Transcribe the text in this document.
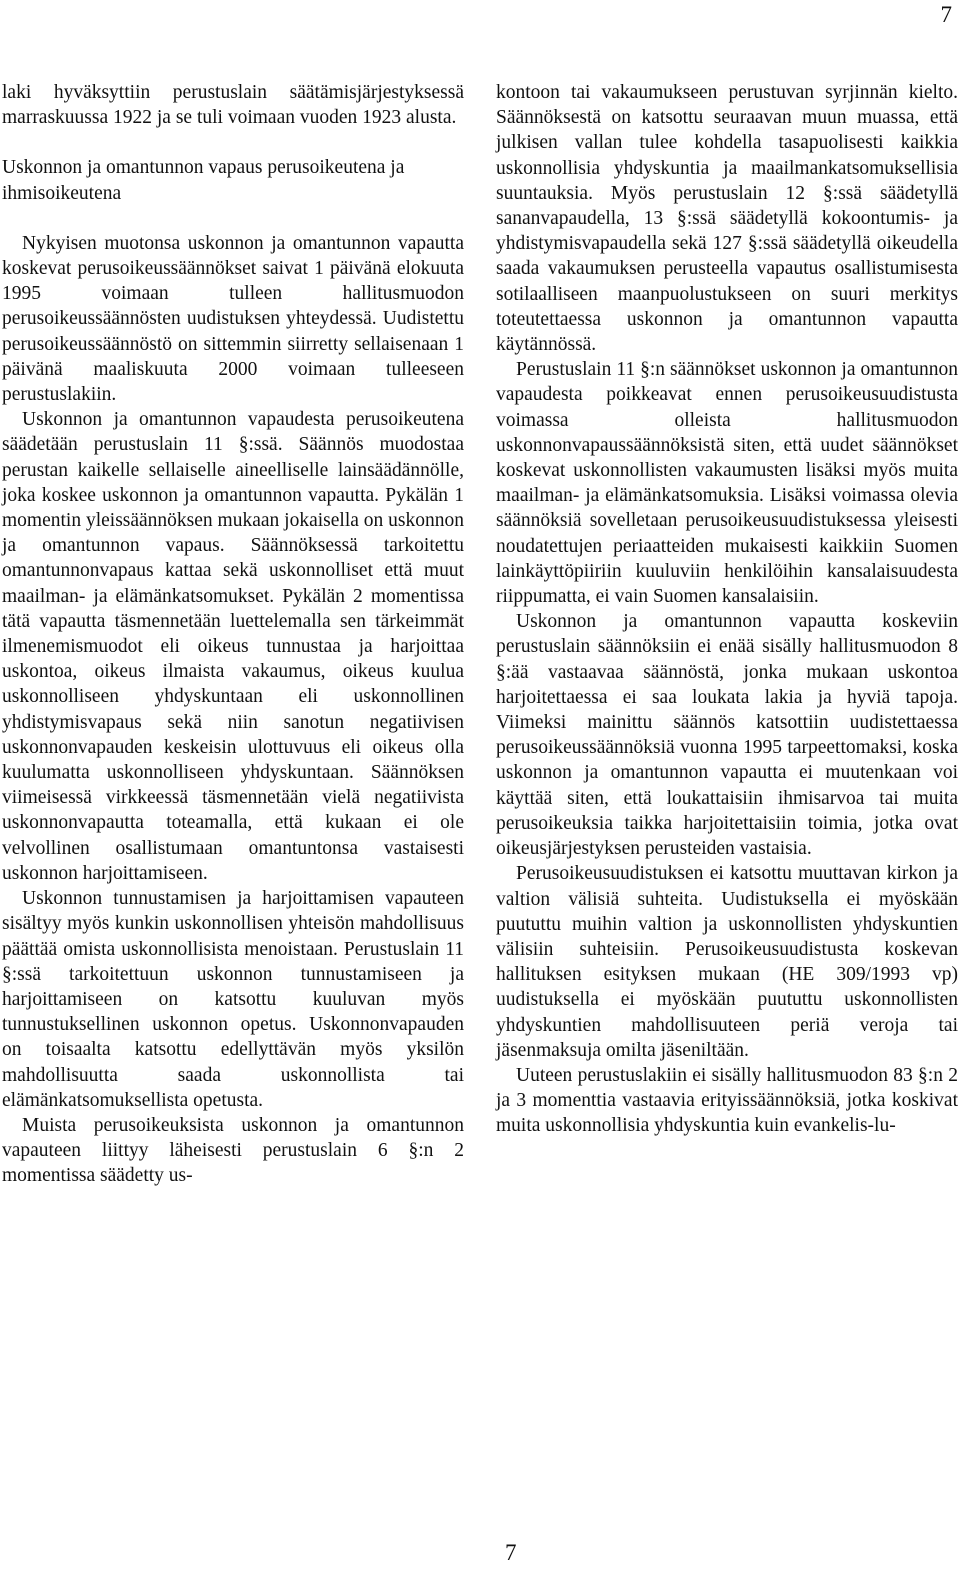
7

laki hyväksyttiin perustuslain säätämisjärjestyksessä marraskuussa 1922 ja se tuli voimaan vuoden 1923 alusta.

Uskonnon ja omantunnon vapaus perusoikeutena ja ihmisoikeutena

Nykyisen muotonsa uskonnon ja omantunnon vapautta koskevat perusoikeussäännökset saivat 1 päivänä elokuuta 1995 voimaan tulleen hallitusmuodon perusoikeussäännösten uudistuksen yhteydessä. Uudistettu perusoikeussäännöstö on sittemmin siirretty sellaisenaan 1 päivänä maaliskuuta 2000 voimaan tulleeseen perustuslakiin.

Uskonnon ja omantunnon vapaudesta perusoikeutena säädetään perustuslain 11 §:ssä. Säännös muodostaa perustan kaikelle sellaiselle aineelliselle lainsäädännölle, joka koskee uskonnon ja omantunnon vapautta. Pykälän 1 momentin yleissäännöksen mukaan jokaisella on uskonnon ja omantunnon vapaus. Säännöksessä tarkoitettu omantunnonvapaus kattaa sekä uskonnolliset että muut maailman- ja elämänkatsomukset. Pykälän 2 momentissa tätä vapautta täsmennetään luettelemalla sen tärkeimmät ilmenemismuodot eli oikeus tunnustaa ja harjoittaa uskontoa, oikeus ilmaista vakaumus, oikeus kuulua uskonnolliseen yhdyskuntaan eli uskonnollinen yhdistymisvapaus sekä niin sanotun negatiivisen uskonnonvapauden keskeisin ulottuvuus eli oikeus olla kuulumatta uskonnolliseen yhdyskuntaan. Säännöksen viimeisessä virkkeessä täsmennetään vielä negatiivista uskonnonvapautta toteamalla, että kukaan ei ole velvollinen osallistumaan omantuntonsa vastaisesti uskonnon harjoittamiseen.

Uskonnon tunnustamisen ja harjoittamisen vapauteen sisältyy myös kunkin uskonnollisen yhteisön mahdollisuus päättää omista uskonnollisista menoistaan. Perustuslain 11 §:ssä tarkoitettuun uskonnon tunnustamiseen ja harjoittamiseen on katsottu kuuluvan myös tunnustuksellinen uskonnon opetus. Uskonnonvapauden on toisaalta katsottu edellyttävän myös yksilön mahdollisuutta saada uskonnollista tai elämänkatsomuksellista opetusta.

Muista perusoikeuksista uskonnon ja omantunnon vapauteen liittyy läheisesti perustuslain 6 §:n 2 momentissa säädetty us-

kontoon tai vakaumukseen perustuvan syrjinnän kielto. Säännöksestä on katsottu seuraavan muun muassa, että julkisen vallan tulee kohdella tasapuolisesti kaikkia uskonnollisia yhdyskuntia ja maailmankatsomuksellisia suuntauksia. Myös perustuslain 12 §:ssä säädetyllä sananvapaudella, 13 §:ssä säädetyllä kokoontumis- ja yhdistymisvapaudella sekä 127 §:ssä säädetyllä oikeudella saada vakaumuksen perusteella vapautus osallistumisesta sotilaalliseen maanpuolustukseen on suuri merkitys toteutettaessa uskonnon ja omantunnon vapautta käytännössä.

Perustuslain 11 §:n säännökset uskonnon ja omantunnon vapaudesta poikkeavat ennen perusoikeusuudistusta voimassa olleista hallitusmuodon uskonnonvapaussäännöksistä siten, että uudet säännökset koskevat uskonnollisten vakaumusten lisäksi myös muita maailman- ja elämänkatsomuksia. Lisäksi voimassa olevia säännöksiä sovelletaan perusoikeusuudistuksessa yleisesti noudatettujen periaatteiden mukaisesti kaikkiin Suomen lainkäyttöpiiriin kuuluviin henkilöihin kansalaisuudesta riippumatta, ei vain Suomen kansalaisiin.

Uskonnon ja omantunnon vapautta koskeviin perustuslain säännöksiin ei enää sisälly hallitusmuodon 8 §:ää vastaavaa säännöstä, jonka mukaan uskontoa harjoitettaessa ei saa loukata lakia ja hyviä tapoja. Viimeksi mainittu säännös katsottiin uudistettaessa perusoikeussäännöksiä vuonna 1995 tarpeettomaksi, koska uskonnon ja omantunnon vapautta ei muutenkaan voi käyttää siten, että loukattaisiin ihmisarvoa tai muita perusoikeuksia taikka harjoitettaisiin toimia, jotka ovat oikeusjärjestyksen perusteiden vastaisia.

Perusoikeusuudistuksen ei katsottu muuttavan kirkon ja valtion välisiä suhteita. Uudistuksella ei myöskään puututtu muihin valtion ja uskonnollisten yhdyskuntien välisiin suhteisiin. Perusoikeusuudistusta koskevan hallituksen esityksen mukaan (HE 309/1993 vp) uudistuksella ei myöskään puututtu uskonnollisten yhdyskuntien mahdollisuuteen periä veroja tai jäsenmaksuja omilta jäseniltään.

Uuteen perustuslakiin ei sisälly hallitusmuodon 83 §:n 2 ja 3 momenttia vastaavia erityissäännöksiä, jotka koskivat muita uskonnollisia yhdyskuntia kuin evankelis-lu-

7
